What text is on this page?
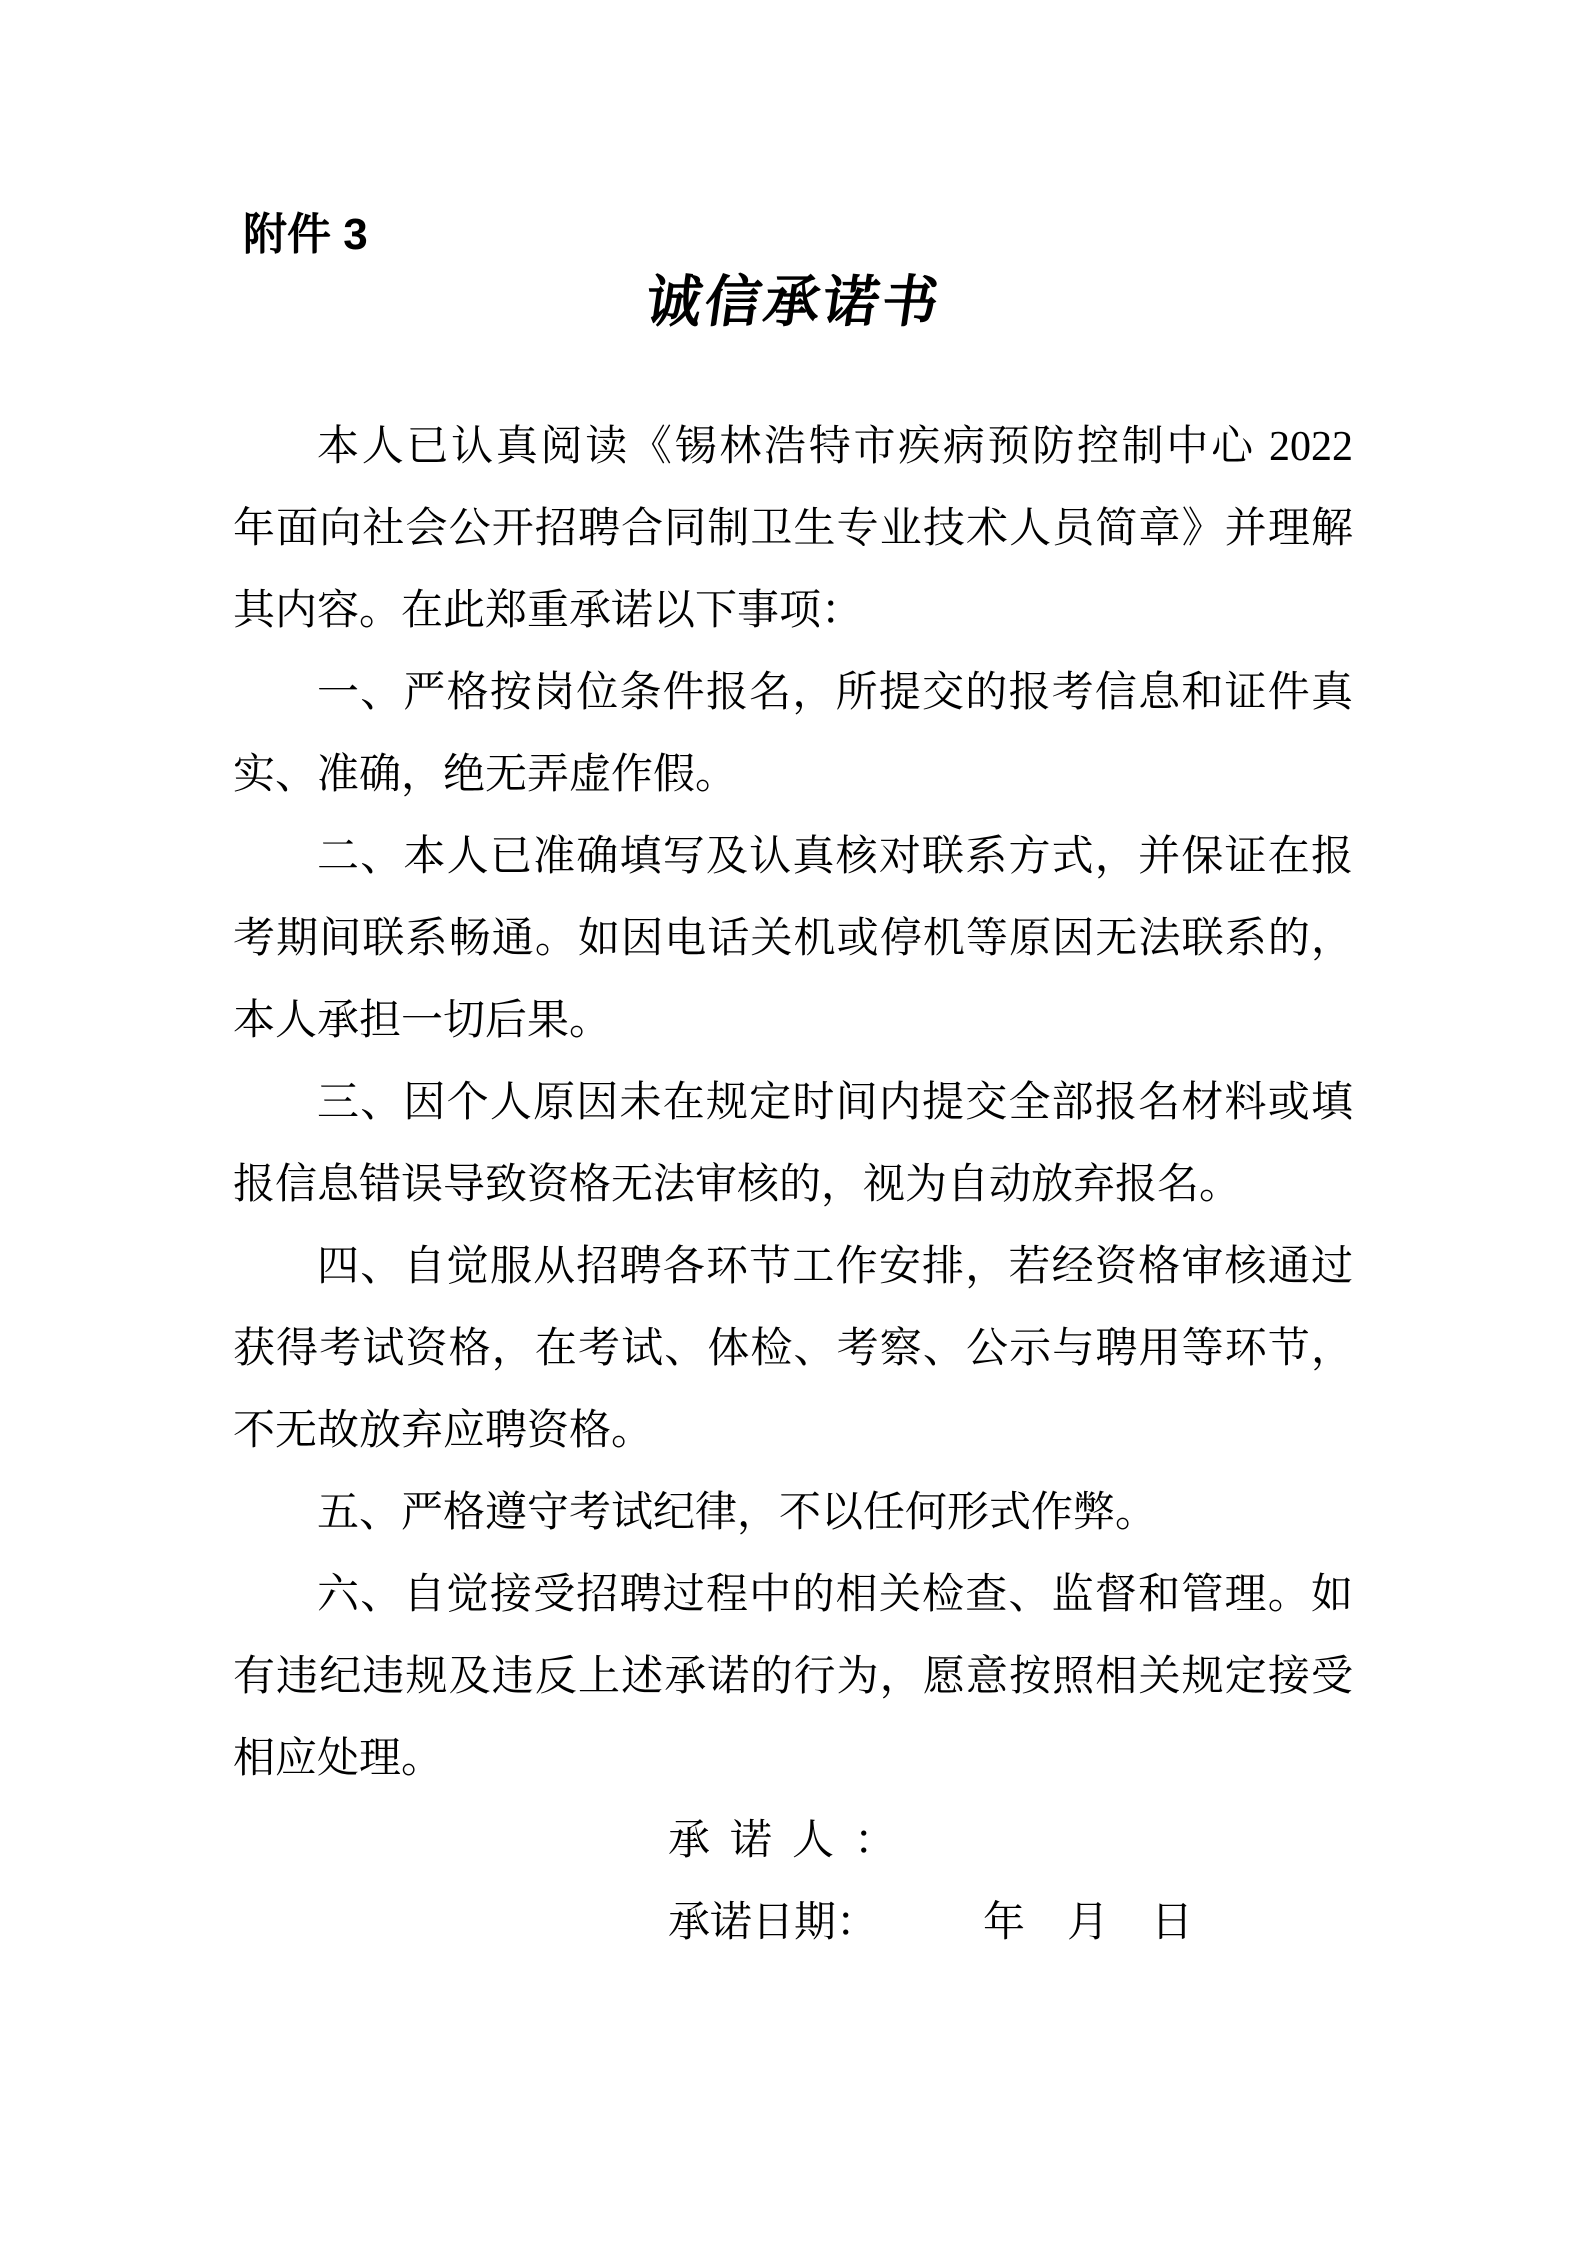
附件 3
诚信承诺书
本人已认真阅读《锡林浩特市疾病预防控制中心 2022
年面向社会公开招聘合同制卫生专业技术人员简章》并理解
其内容。在此郑重承诺以下事项：
一、严格按岗位条件报名，所提交的报考信息和证件真
实、准确，绝无弄虚作假。
二、本人已准确填写及认真核对联系方式，并保证在报
考期间联系畅通。如因电话关机或停机等原因无法联系的，
本人承担一切后果。
三、因个人原因未在规定时间内提交全部报名材料或填
报信息错误导致资格无法审核的，视为自动放弃报名。
四、自觉服从招聘各环节工作安排，若经资格审核通过
获得考试资格，在考试、体检、考察、公示与聘用等环节，
不无故放弃应聘资格。
五、严格遵守考试纪律，不以任何形式作弊。
六、自觉接受招聘过程中的相关检查、监督和管理。如
有违纪违规及违反上述承诺的行为，愿意按照相关规定接受
相应处理。
承诺人：
承诺日期：　　　年　月　日
